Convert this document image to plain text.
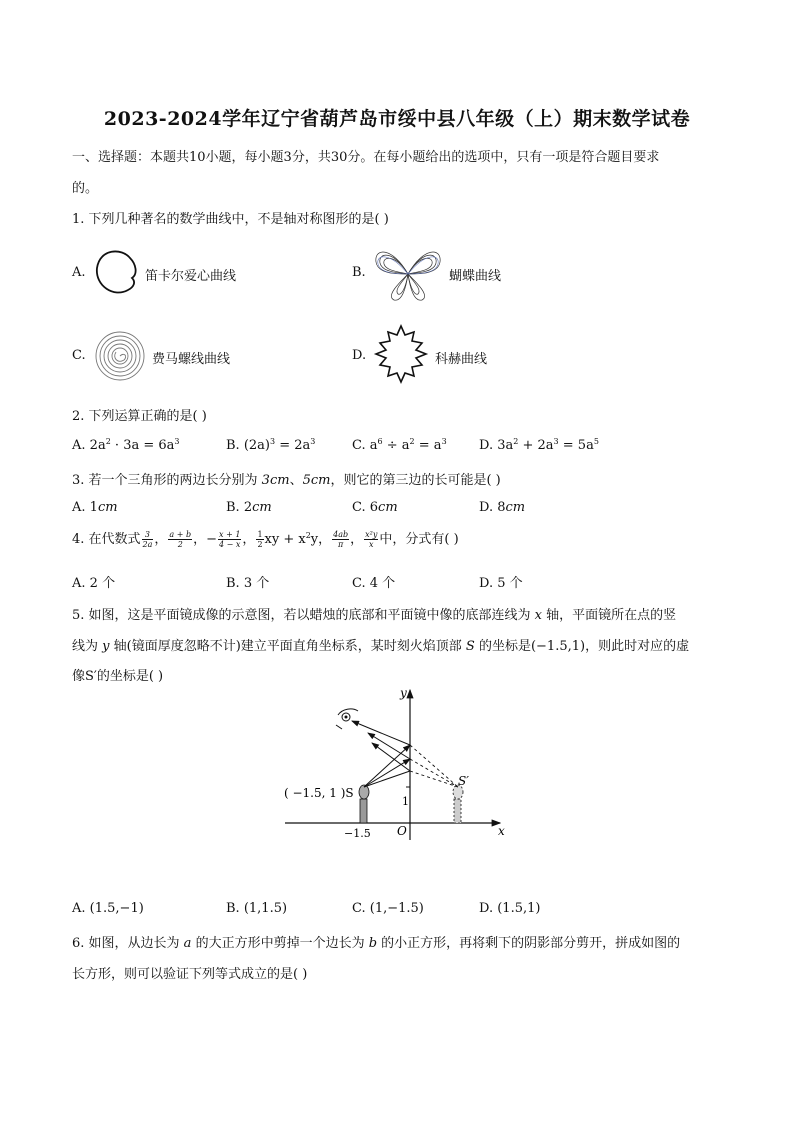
2023-2024学年辽宁省葫芦岛市绥中县八年级（上）期末数学试卷
一、选择题：本题共10小题，每小题3分，共30分。在每小题给出的选项中，只有一项是符合题目要求
的。
1. 下列几种著名的数学曲线中，不是轴对称图形的是( )
A.	笛卡尔爱心曲线	B.	蝴蝶曲线
C.	费马螺线曲线	D.	科赫曲线
2. 下列运算正确的是( )
A. $2a^2 \cdot 3a = 6a^3$	B. $(2a)^3 = 2a^3$	C. $a^6 \div a^2 = a^3$ D. $3a^2 + 2a^3 = 5a^5$
3. 若一个三角形的两边长分别为 3cm、5cm，则它的第三边的长可能是( )
A. 1cm	B. 2cm	C. 6cm	D. 8cm
4. 在代数式 $\frac{3}{2a}$ ， $\frac{a + b}{2}$ ，− $\frac{x + 1}{4 - x}$ ， $\frac{1}{2}$ xy + $x^2y$， $\frac{4ab}{\pi}$ ， $\frac{\text{x²y}}{x}$ 中，分式有( )
A. 2 个	B. 3 个	C. 4 个	D. 5 个
5. 如图，这是平面镜成像的示意图，若以蜡烛的底部和平面镜中像的底部连线为 x 轴，平面镜所在点的竖
线为 y 轴(镜面厚度忽略不计)建立平面直角坐标系，某时刻火焰顶部 S 的坐标是(−1.5,1)，则此时对应的虚
像S′的坐标是( )
( −1.5, 1 )S
S′
y
x
O
1
−1.5
A. (1.5,−1)	B. (1,1.5)	C. (1,−1.5)	D. (1.5,1)
6. 如图，从边长为 a 的大正方形中剪掉一个边长为 b 的小正方形，再将剩下的阴影部分剪开，拼成如图的
长方形，则可以验证下列等式成立的是( )
